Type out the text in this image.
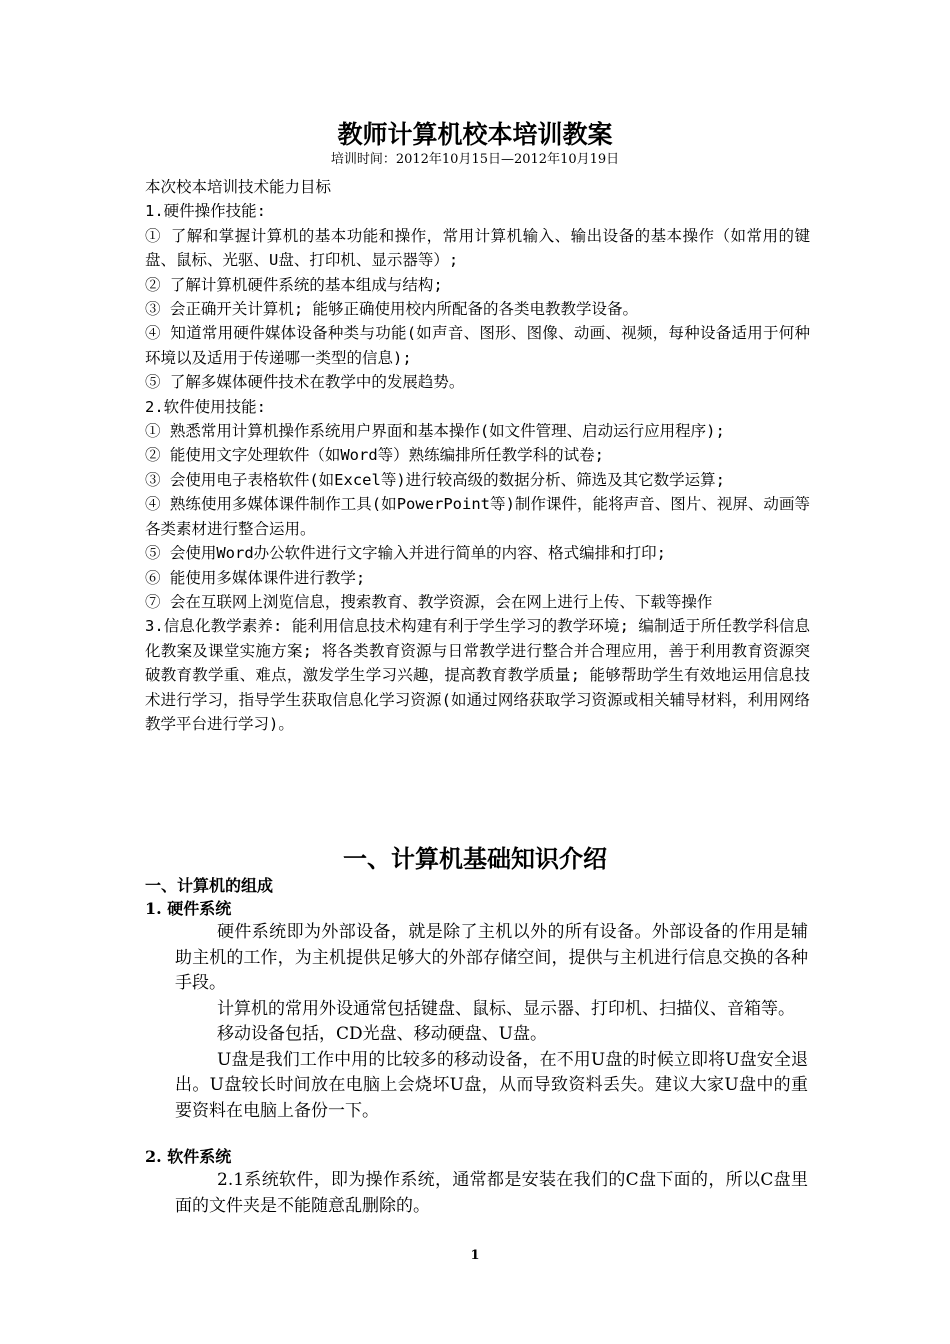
教师计算机校本培训教案
培训时间：2012年10月15日—2012年10月19日

本次校本培训技术能力目标

1.硬件操作技能:

① 了解和掌握计算机的基本功能和操作，常用计算机输入、输出设备的基本操作（如常用的键盘、鼠标、光驱、U盘、打印机、显示器等）;

② 了解计算机硬件系统的基本组成与结构;

③ 会正确开关计算机; 能够正确使用校内所配备的各类电教教学设备。

④ 知道常用硬件媒体设备种类与功能(如声音、图形、图像、动画、视频，每种设备适用于何种环境以及适用于传递哪一类型的信息);

⑤ 了解多媒体硬件技术在教学中的发展趋势。

2.软件使用技能:

① 熟悉常用计算机操作系统用户界面和基本操作(如文件管理、启动运行应用程序);

② 能使用文字处理软件（如Word等）熟练编排所任教学科的试卷;

③ 会使用电子表格软件(如Excel等)进行较高级的数据分析、筛选及其它数学运算;

④ 熟练使用多媒体课件制作工具(如PowerPoint等)制作课件，能将声音、图片、视屏、动画等各类素材进行整合运用。

⑤ 会使用Word办公软件进行文字输入并进行简单的内容、格式编排和打印;

⑥ 能使用多媒体课件进行教学;

⑦ 会在互联网上浏览信息，搜索教育、教学资源，会在网上进行上传、下载等操作

3.信息化教学素养: 能利用信息技术构建有利于学生学习的教学环境; 编制适于所任教学科信息化教案及课堂实施方案; 将各类教育资源与日常教学进行整合并合理应用，善于利用教育资源突破教育教学重、难点，激发学生学习兴趣，提高教育教学质量; 能够帮助学生有效地运用信息技术进行学习，指导学生获取信息化学习资源(如通过网络获取学习资源或相关辅导材料，利用网络教学平台进行学习)。

一、计算机基础知识介绍
一、计算机的组成
1. 硬件系统

硬件系统即为外部设备，就是除了主机以外的所有设备。外部设备的作用是辅助主机的工作，为主机提供足够大的外部存储空间，提供与主机进行信息交换的各种手段。

计算机的常用外设通常包括键盘、鼠标、显示器、打印机、扫描仪、音箱等。

移动设备包括，CD光盘、移动硬盘、U盘。

U盘是我们工作中用的比较多的移动设备，在不用U盘的时候立即将U盘安全退出。U盘较长时间放在电脑上会烧坏U盘，从而导致资料丢失。建议大家U盘中的重要资料在电脑上备份一下。

2. 软件系统

2.1系统软件，即为操作系统，通常都是安装在我们的C盘下面的，所以C盘里面的文件夹是不能随意乱删除的。

1
